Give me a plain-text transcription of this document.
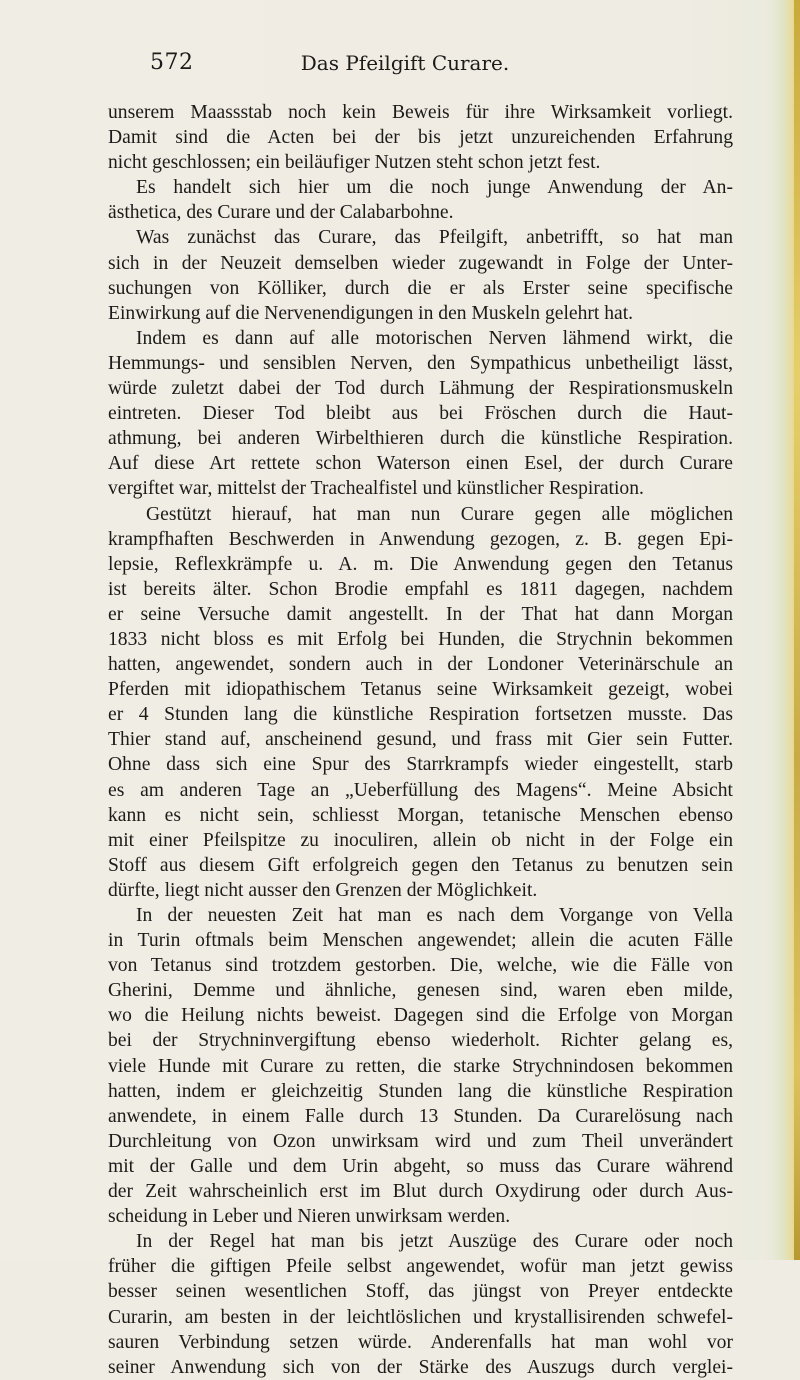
572	Das Pfeilgift Curare.
unserem Maassstab noch kein Beweis für ihre Wirksamkeit vorliegt.
Damit sind die Acten bei der bis jetzt unzureichenden Erfahrung
nicht geschlossen; ein beiläufiger Nutzen steht schon jetzt fest.
Es handelt sich hier um die noch junge Anwendung der An-
ästhetica, des Curare und der Calabarbohne.
Was zunächst das Curare, das Pfeilgift, anbetrifft, so hat man
sich in der Neuzeit demselben wieder zugewandt in Folge der Unter-
suchungen von Kölliker, durch die er als Erster seine specifische
Einwirkung auf die Nervenendigungen in den Muskeln gelehrt hat.
Indem es dann auf alle motorischen Nerven lähmend wirkt, die
Hemmungs- und sensiblen Nerven, den Sympathicus unbetheiligt lässt,
würde zuletzt dabei der Tod durch Lähmung der Respirationsmuskeln
eintreten. Dieser Tod bleibt aus bei Fröschen durch die Haut-
athmung, bei anderen Wirbelthieren durch die künstliche Respiration.
Auf diese Art rettete schon Waterson einen Esel, der durch Curare
vergiftet war, mittelst der Trachealfistel und künstlicher Respiration.
Gestützt hierauf, hat man nun Curare gegen alle möglichen
krampfhaften Beschwerden in Anwendung gezogen, z. B. gegen Epi-
lepsie, Reflexkrämpfe u. A. m. Die Anwendung gegen den Tetanus
ist bereits älter. Schon Brodie empfahl es 1811 dagegen, nachdem
er seine Versuche damit angestellt. In der That hat dann Morgan
1833 nicht bloss es mit Erfolg bei Hunden, die Strychnin bekommen
hatten, angewendet, sondern auch in der Londoner Veterinärschule an
Pferden mit idiopathischem Tetanus seine Wirksamkeit gezeigt, wobei
er 4 Stunden lang die künstliche Respiration fortsetzen musste. Das
Thier stand auf, anscheinend gesund, und frass mit Gier sein Futter.
Ohne dass sich eine Spur des Starrkrampfs wieder eingestellt, starb
es am anderen Tage an „Ueberfüllung des Magens“. Meine Absicht
kann es nicht sein, schliesst Morgan, tetanische Menschen ebenso
mit einer Pfeilspitze zu inoculiren, allein ob nicht in der Folge ein
Stoff aus diesem Gift erfolgreich gegen den Tetanus zu benutzen sein
dürfte, liegt nicht ausser den Grenzen der Möglichkeit.
In der neuesten Zeit hat man es nach dem Vorgange von Vella
in Turin oftmals beim Menschen angewendet; allein die acuten Fälle
von Tetanus sind trotzdem gestorben. Die, welche, wie die Fälle von
Gherini, Demme und ähnliche, genesen sind, waren eben milde,
wo die Heilung nichts beweist. Dagegen sind die Erfolge von Morgan
bei der Strychninvergiftung ebenso wiederholt. Richter gelang es,
viele Hunde mit Curare zu retten, die starke Strychnindosen bekommen
hatten, indem er gleichzeitig Stunden lang die künstliche Respiration
anwendete, in einem Falle durch 13 Stunden. Da Curarelösung nach
Durchleitung von Ozon unwirksam wird und zum Theil unverändert
mit der Galle und dem Urin abgeht, so muss das Curare während
der Zeit wahrscheinlich erst im Blut durch Oxydirung oder durch Aus-
scheidung in Leber und Nieren unwirksam werden.
In der Regel hat man bis jetzt Auszüge des Curare oder noch
früher die giftigen Pfeile selbst angewendet, wofür man jetzt gewiss
besser seinen wesentlichen Stoff, das jüngst von Preyer entdeckte
Curarin, am besten in der leichtlöslichen und krystallisirenden schwefel-
sauren Verbindung setzen würde. Anderenfalls hat man wohl vor
seiner Anwendung sich von der Stärke des Auszugs durch verglei-
